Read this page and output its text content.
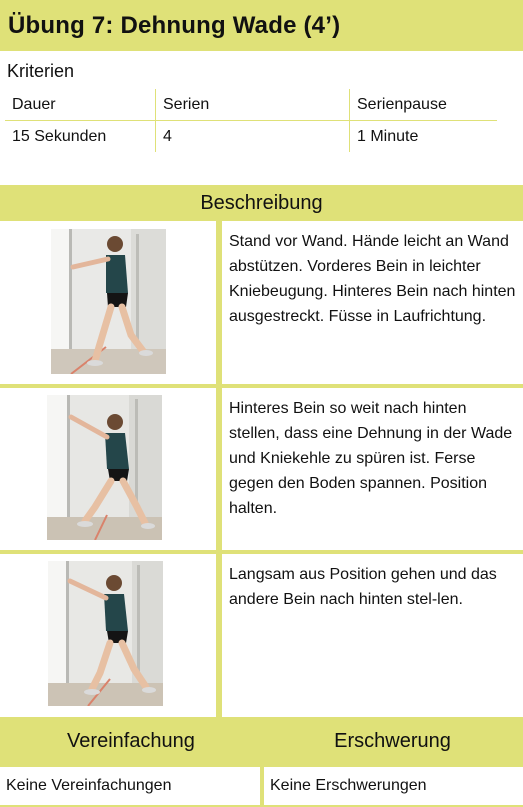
Übung 7: Dehnung Wade (4’)
Kriterien
Dauer	Serien	Serienpause
15 Sekunden	4	1 Minute
Beschreibung
Stand vor Wand. Hände leicht an Wand abstützen. Vorderes Bein in leichter Kniebeugung. Hinteres Bein nach hinten ausgestreckt. Füsse in Laufrichtung.
Hinteres Bein so weit nach hinten stellen, dass eine Dehnung in der Wade und Kniekehle zu spüren ist. Ferse gegen den Boden spannen. Position halten.
Langsam aus Position gehen und das andere Bein nach hinten stel-len.
Vereinfachung	Erschwerung
Keine Vereinfachungen	Keine Erschwerungen
